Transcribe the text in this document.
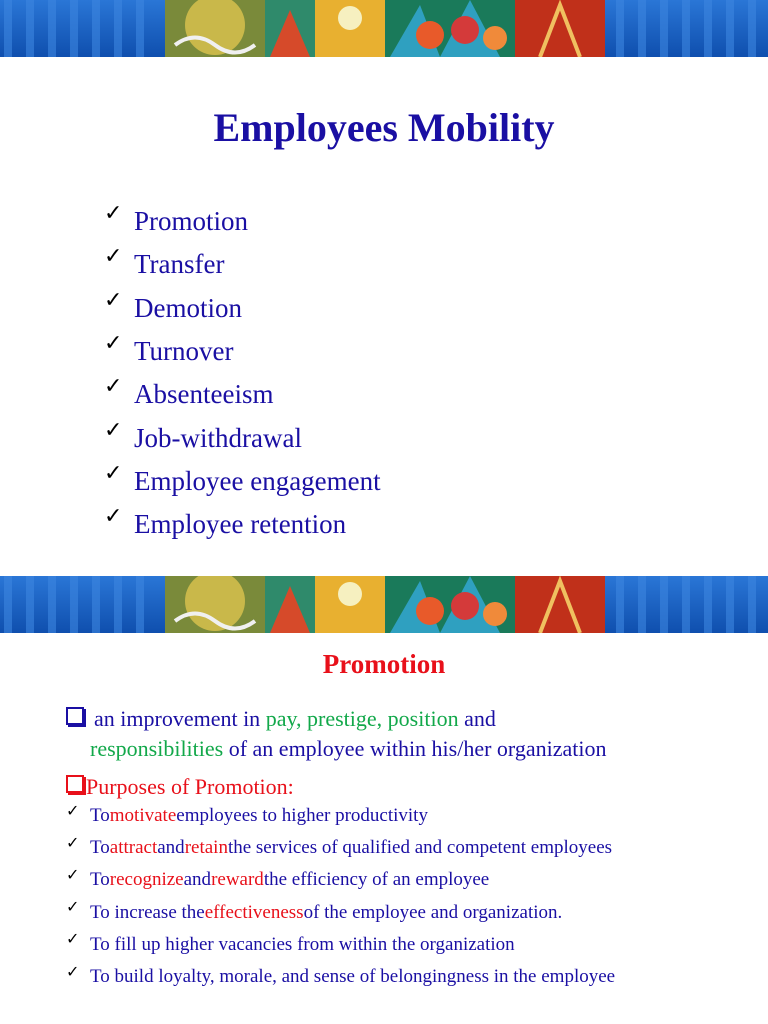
Employees Mobility
✓ Promotion
✓ Transfer
✓ Demotion
✓ Turnover
✓ Absenteeism
✓ Job-withdrawal
✓ Employee engagement
✓ Employee retention
Promotion
an improvement in pay, prestige, position and
responsibilities of an employee within his/her organization
Purposes of Promotion:
✓ To motivate employees to higher productivity
✓ To attract and retain the services of qualified and competent employees
✓ To recognize and reward the efficiency of an employee
✓ To increase the effectiveness of the employee and organization.
✓ To fill up higher vacancies from within the organization
✓ To build loyalty, morale, and sense of belongingness in the employee
